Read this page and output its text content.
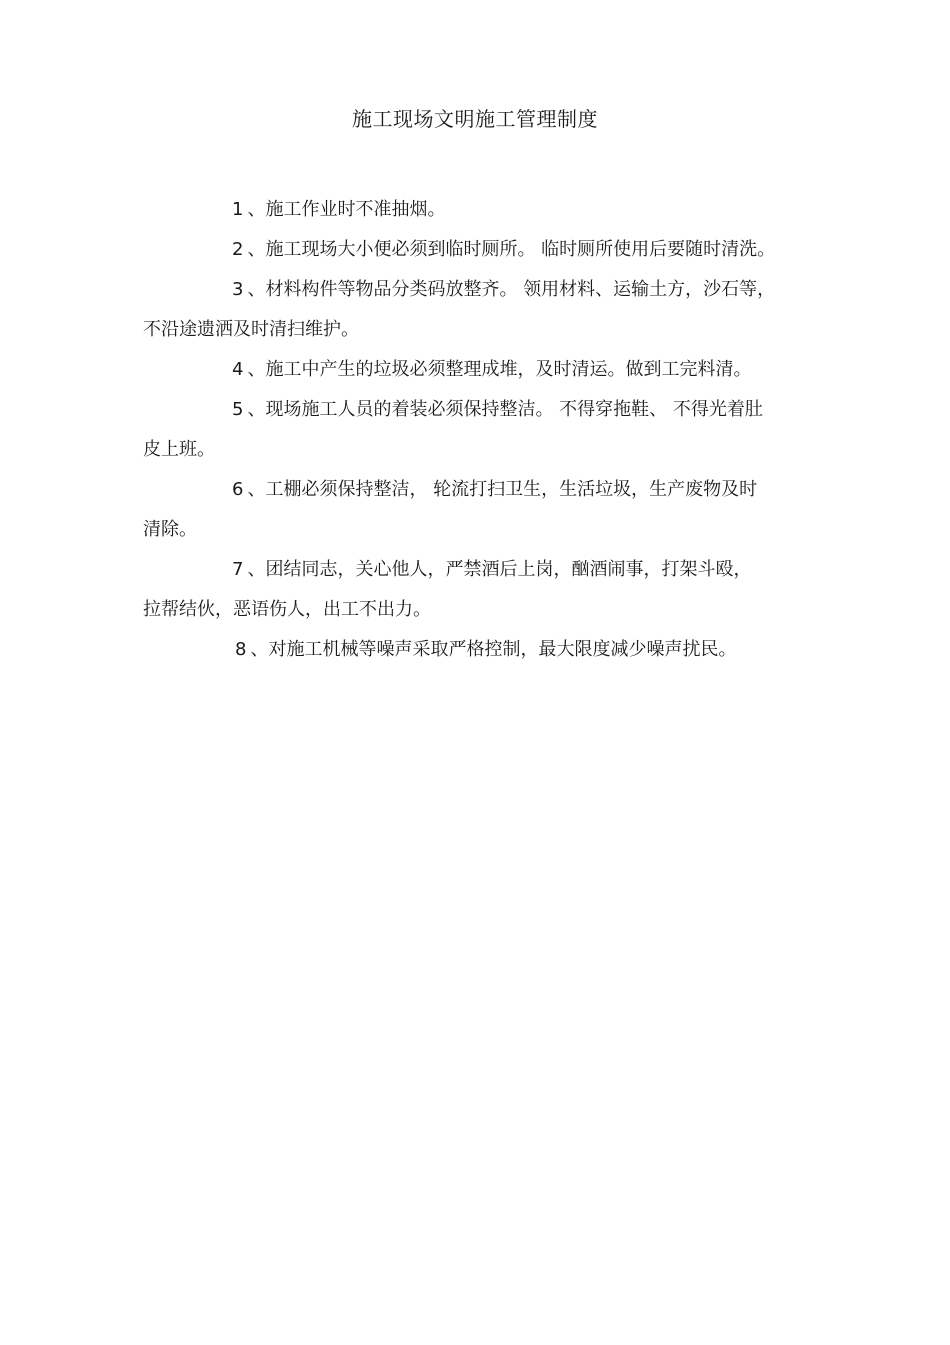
施工现场文明施工管理制度
1 、施工作业时不准抽烟。
2 、施工现场大小便必须到临时厕所。 临时厕所使用后要随时清洗。
3 、材料构件等物品分类码放整齐。 领用材料、运输土方，沙石等，
不沿途遗洒及时清扫维护。
4 、施工中产生的垃圾必须整理成堆，及时清运。做到工完料清。
5 、现场施工人员的着装必须保持整洁。 不得穿拖鞋、 不得光着肚
皮上班。
6 、工棚必须保持整洁， 轮流打扫卫生，生活垃圾，生产废物及时
清除。
7 、团结同志，关心他人，严禁酒后上岗，酗酒闹事，打架斗殴，
拉帮结伙，恶语伤人，出工不出力。
8 、对施工机械等噪声采取严格控制，最大限度减少噪声扰民。
